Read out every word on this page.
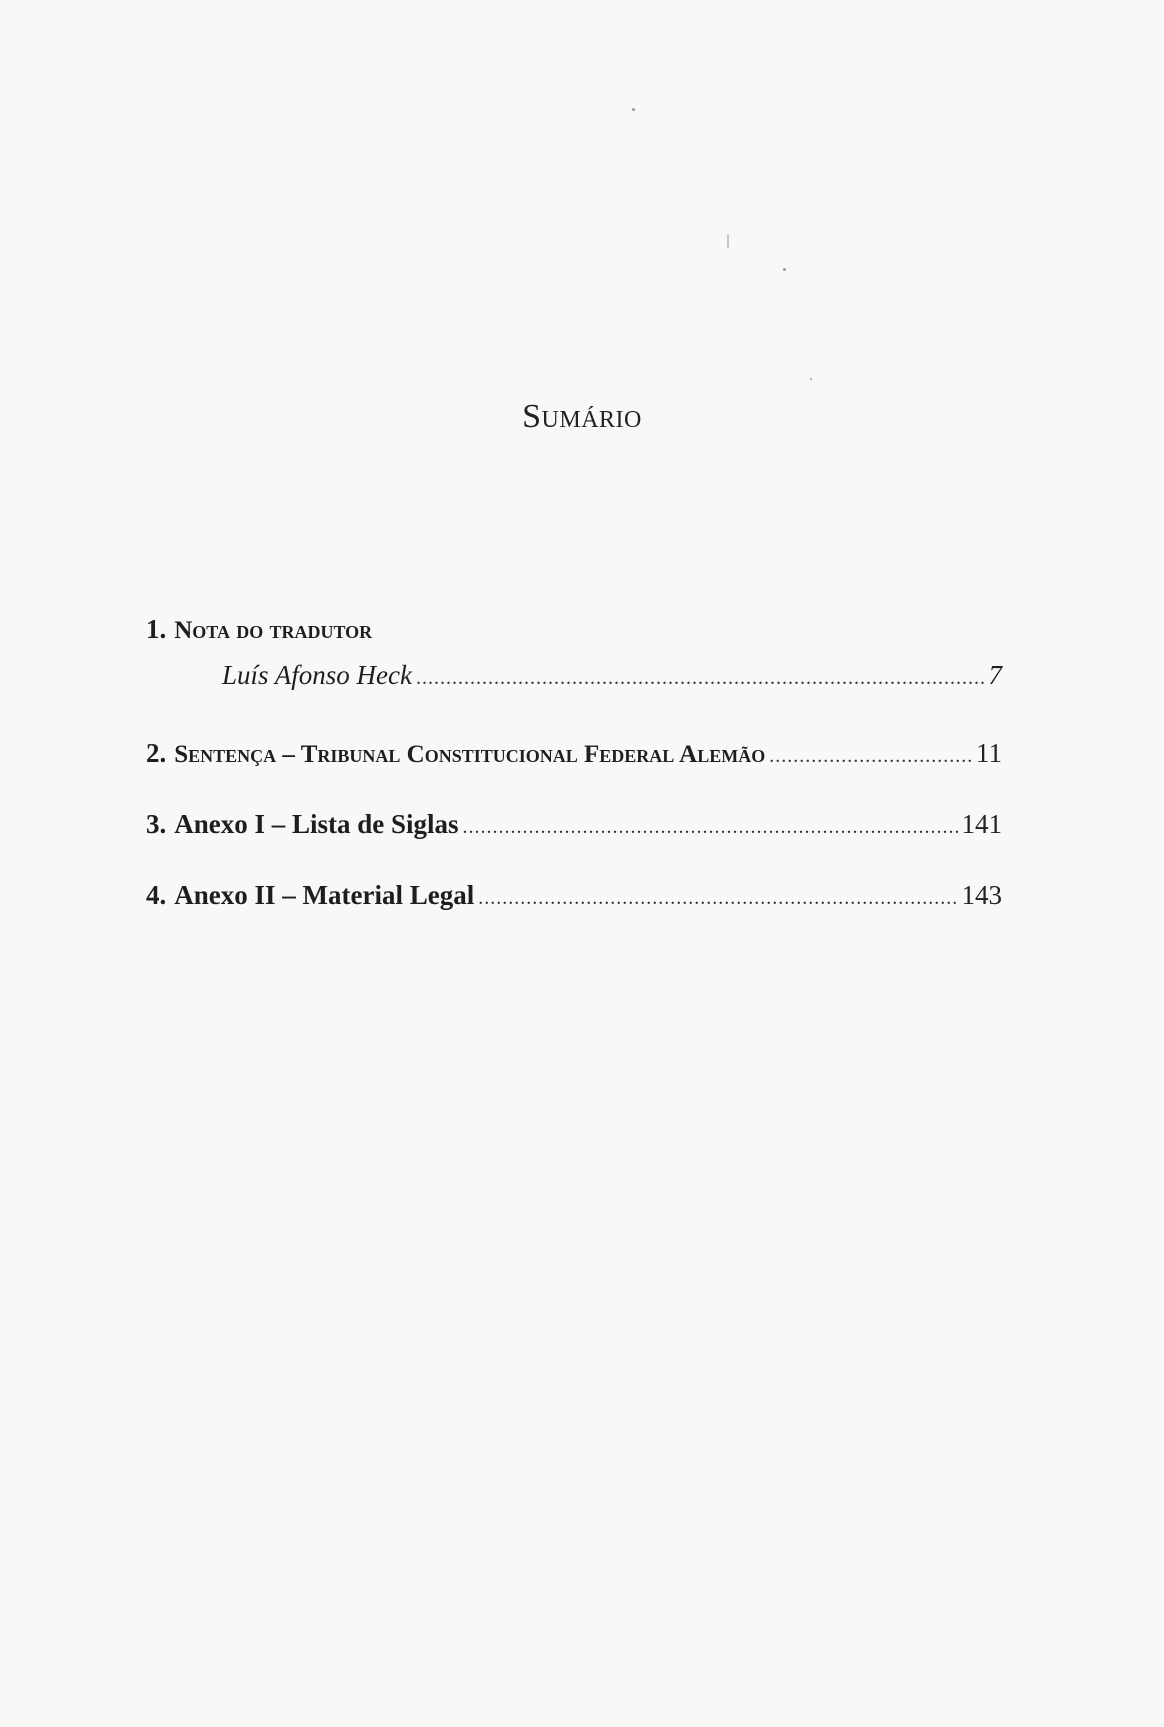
Sumário
1. Nota do tradutor
Luís Afonso Heck .....	7
2. Sentença – Tribunal Constitucional Federal Alemão .....	11
3. Anexo I – Lista de Siglas .....	141
4. Anexo II – Material Legal .....	143
